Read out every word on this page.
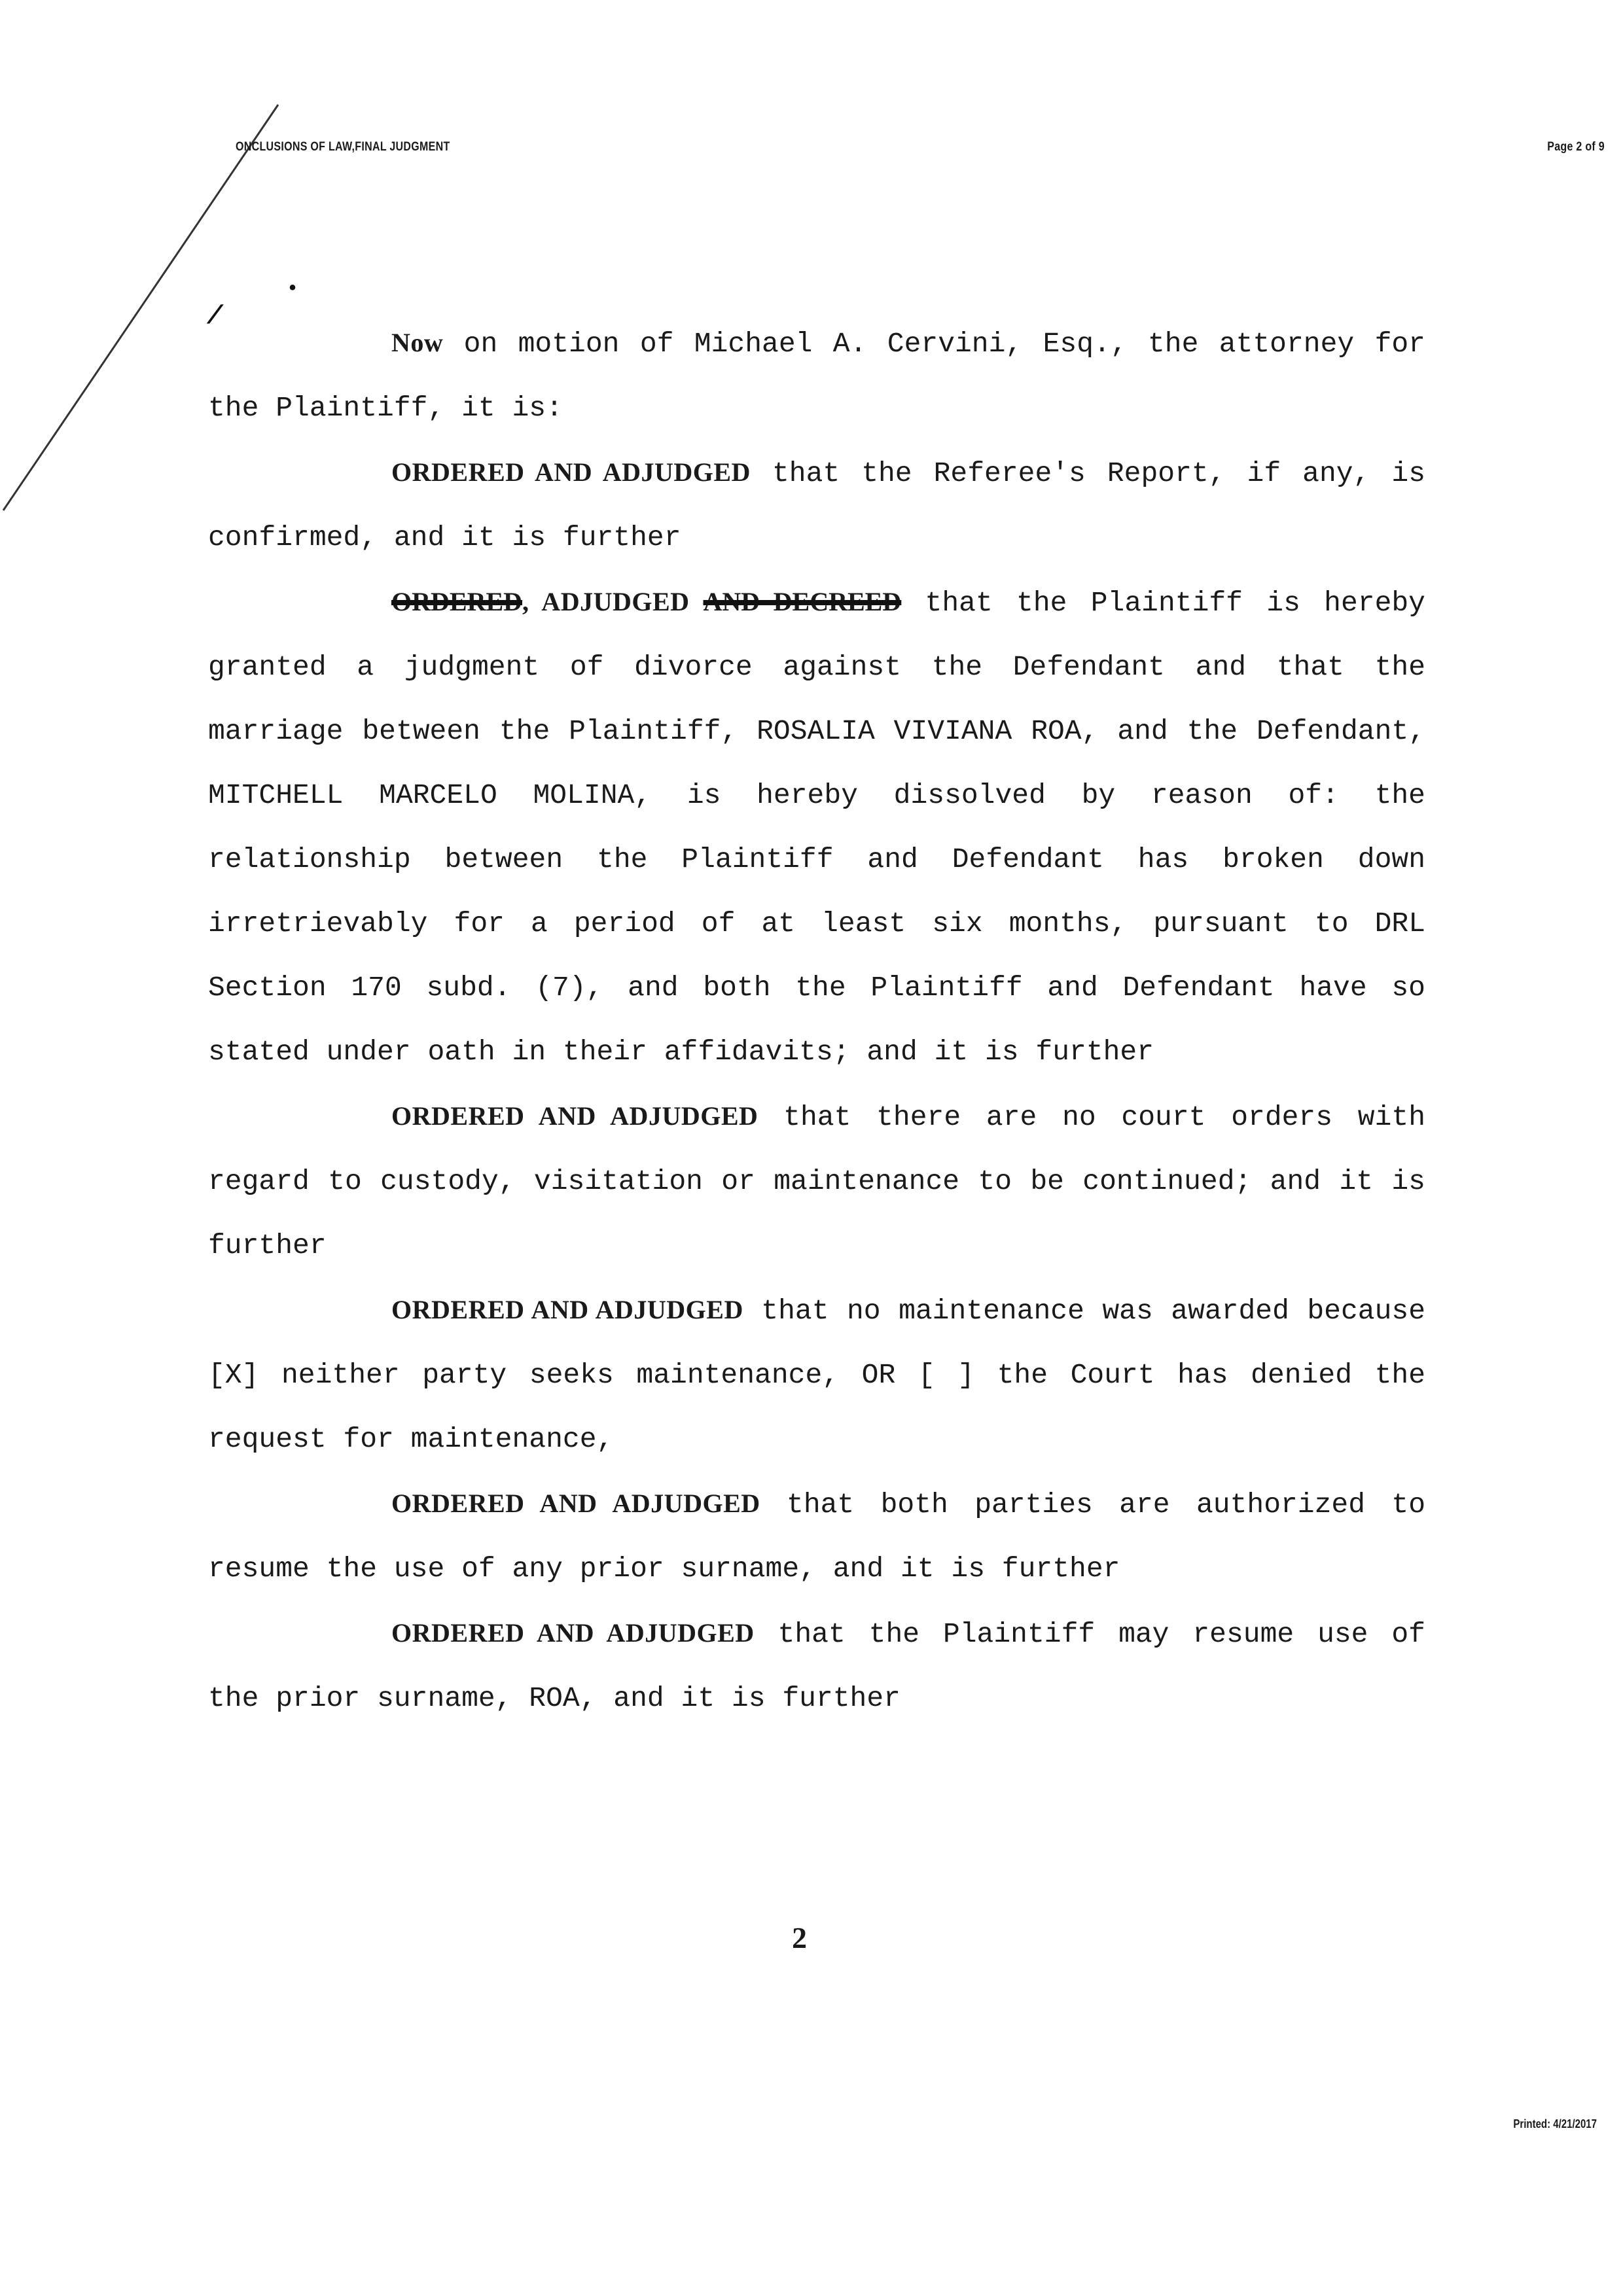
•
/
ONCLUSIONS OF LAW,FINAL JUDGMENT	Page 2 of 9

Now on motion of Michael A. Cervini, Esq., the attorney for the Plaintiff, it is:

ORDERED AND ADJUDGED that the Referee's Report, if any, is confirmed, and it is further

ORDERED, ADJUDGED AND DECREED that the Plaintiff is hereby granted a judgment of divorce against the Defendant and that the marriage between the Plaintiff, ROSALIA VIVIANA ROA, and the Defendant, MITCHELL MARCELO MOLINA, is hereby dissolved by reason of: the relationship between the Plaintiff and Defendant has broken down irretrievably for a period of at least six months, pursuant to DRL Section 170 subd. (7), and both the Plaintiff and Defendant have so stated under oath in their affidavits; and it is further

ORDERED AND ADJUDGED that there are no court orders with regard to custody, visitation or maintenance to be continued; and it is further

ORDERED AND ADJUDGED that no maintenance was awarded because [X] neither party seeks maintenance, OR [ ] the Court has denied the request for maintenance,

ORDERED AND ADJUDGED that both parties are authorized to resume the use of any prior surname, and it is further

ORDERED AND ADJUDGED that the Plaintiff may resume use of the prior surname, ROA, and it is further

2
Printed: 4/21/2017
